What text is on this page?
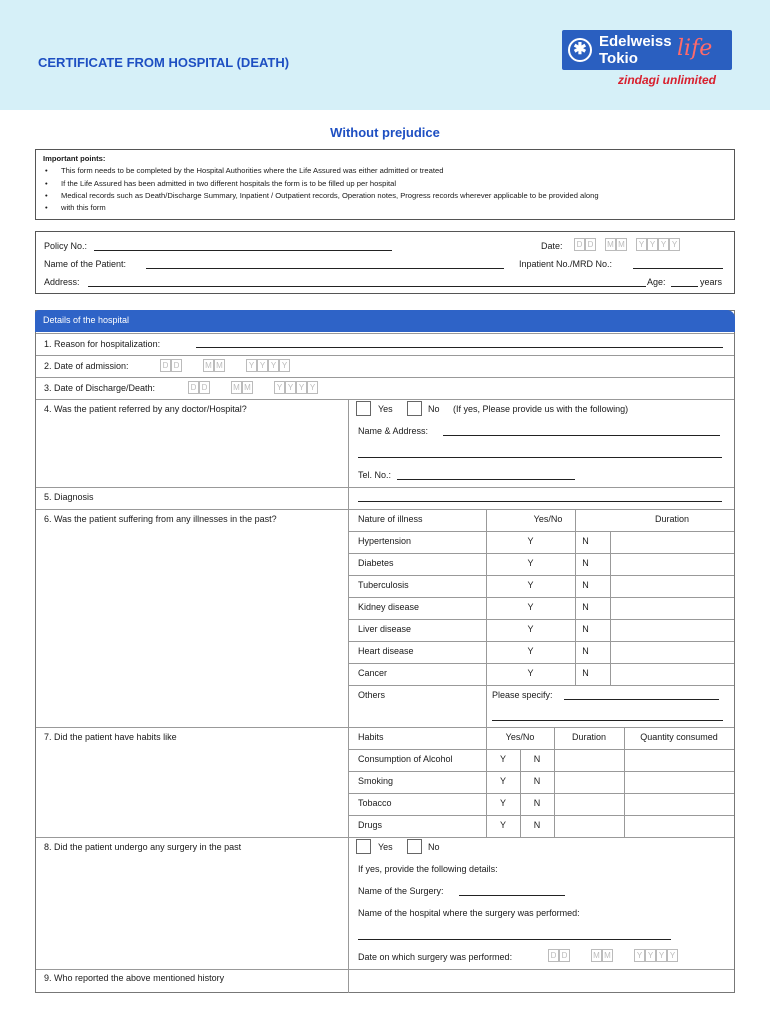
CERTIFICATE FROM HOSPITAL (DEATH)
✱ Edelweiss
Tokio life
zindagi unlimited
Without prejudice
Important points:
• This form needs to be completed by the Hospital Authorities where the Life Assured was either admitted or treated
• If the Life Assured has been admitted in two different hospitals the form is to be filled up per hospital
• Medical records such as Death/Discharge Summary, Inpatient / Outpatient records, Operation notes, Progress records wherever applicable to be provided along
• with this form
Policy No.:	Date:	D D	M M	Y Y Y Y
Name of the Patient:	Inpatient No./MRD No.:
Address:	Age:	years
Details of the hospital
1. Reason for hospitalization:
2. Date of admission:	D D	M M	Y Y Y Y
3. Date of Discharge/Death:	D D	M M	Y Y Y Y
4. Was the patient referred by any doctor/Hospital?	Yes	No (If yes, Please provide us with the following)
Name & Address:
Tel. No.:
5. Diagnosis
6. Was the patient suffering from any illnesses in the past?	Nature of illness	Yes/No	Duration
Hypertension	Y	N
Diabetes	Y	N
Tuberculosis	Y	N
Kidney disease	Y	N
Liver disease	Y	N
Heart disease	Y	N
Cancer	Y	N
Others	Please specify:
7. Did the patient have habits like	Habits	Yes/No	Duration	Quantity consumed
Consumption of Alcohol	Y	N
Smoking	Y	N
Tobacco	Y	N
Drugs	Y	N
8. Did the patient undergo any surgery in the past	Yes	No
If yes, provide the following details:
Name of the Surgery:
Name of the hospital where the surgery was performed:
Date on which surgery was performed:	D D	M M	Y Y Y Y
9. Who reported the above mentioned history
